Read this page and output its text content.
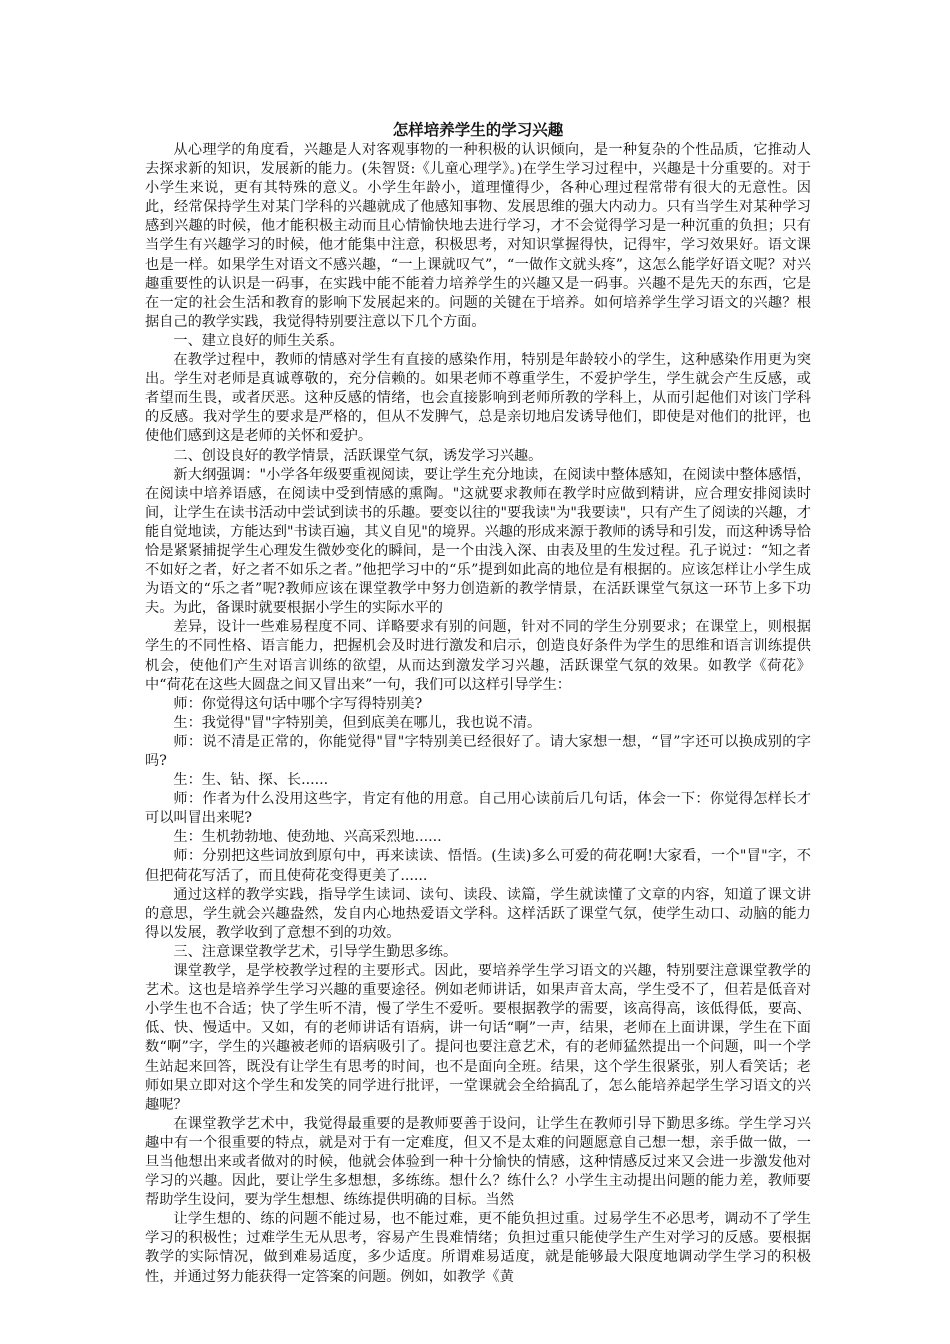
怎样培养学生的学习兴趣

从心理学的角度看，兴趣是人对客观事物的一种积极的认识倾向，是一种复杂的个性品质，它推动人去探求新的知识，发展新的能力。(朱智贤:《儿童心理学》。)在学生学习过程中，兴趣是十分重要的。对于小学生来说，更有其特殊的意义。小学生年龄小，道理懂得少，各种心理过程常带有很大的无意性。因此，经常保持学生对某门学科的兴趣就成了他感知事物、发展思维的强大内动力。只有当学生对某种学习感到兴趣的时候，他才能积极主动而且心情愉快地去进行学习，才不会觉得学习是一种沉重的负担；只有当学生有兴趣学习的时候，他才能集中注意，积极思考，对知识掌握得快，记得牢，学习效果好。语文课也是一样。如果学生对语文不感兴趣，“一上课就叹气”，“一做作文就头疼”，这怎么能学好语文呢？对兴趣重要性的认识是一码事，在实践中能不能着力培养学生的兴趣又是一码事。兴趣不是先天的东西，它是在一定的社会生活和教育的影响下发展起来的。问题的关键在于培养。如何培养学生学习语文的兴趣？根据自己的教学实践，我觉得特别要注意以下几个方面。

一、建立良好的师生关系。

在教学过程中，教师的情感对学生有直接的感染作用，特别是年龄较小的学生，这种感染作用更为突出。学生对老师是真诚尊敬的，充分信赖的。如果老师不尊重学生，不爱护学生，学生就会产生反感，或者望而生畏，或者厌恶。这种反感的情绪，也会直接影响到老师所教的学科上，从而引起他们对该门学科的反感。我对学生的要求是严格的，但从不发脾气，总是亲切地启发诱导他们，即使是对他们的批评，也使他们感到这是老师的关怀和爱护。

二、创设良好的教学情景，活跃课堂气氛，诱发学习兴趣。

新大纲强调："小学各年级要重视阅读，要让学生充分地读，在阅读中整体感知，在阅读中整体感悟，在阅读中培养语感，在阅读中受到情感的熏陶。"这就要求教师在教学时应做到精讲，应合理安排阅读时间，让学生在读书活动中尝试到读书的乐趣。要变以往的"要我读"为"我要读"，只有产生了阅读的兴趣，才能自觉地读，方能达到"书读百遍，其义自见"的境界。兴趣的形成来源于教师的诱导和引发，而这种诱导恰恰是紧紧捕捉学生心理发生微妙变化的瞬间，是一个由浅入深、由表及里的生发过程。孔子说过：“知之者不如好之者，好之者不如乐之者。”他把学习中的“乐”提到如此高的地位是有根据的。应该怎样让小学生成为语文的“乐之者”呢?教师应该在课堂教学中努力创造新的教学情景，在活跃课堂气氛这一环节上多下功夫。为此，备课时就要根据小学生的实际水平的

差异，设计一些难易程度不同、详略要求有别的问题，针对不同的学生分别要求；在课堂上，则根据学生的不同性格、语言能力，把握机会及时进行激发和启示，创造良好条件为学生的思维和语言训练提供机会，使他们产生对语言训练的欲望，从而达到激发学习兴趣，活跃课堂气氛的效果。如教学《荷花》中“荷花在这些大圆盘之间又冒出来”一句，我们可以这样引导学生：

师：你觉得这句话中哪个字写得特别美?

生：我觉得"冒"字特别美，但到底美在哪儿，我也说不清。

师：说不清是正常的，你能觉得"冒"字特别美已经很好了。请大家想一想，“冒”字还可以换成别的字吗?

生：生、钻、探、长......

师：作者为什么没用这些字，肯定有他的用意。自己用心读前后几句话，体会一下：你觉得怎样长才可以叫冒出来呢?

生：生机勃勃地、使劲地、兴高采烈地......

师：分别把这些词放到原句中，再来读读、悟悟。(生读)多么可爱的荷花啊!大家看，一个"冒"字，不但把荷花写活了，而且使荷花变得更美了......

通过这样的教学实践，指导学生读词、读句、读段、读篇，学生就读懂了文章的内容，知道了课文讲的意思，学生就会兴趣盎然，发自内心地热爱语文学科。这样活跃了课堂气氛，使学生动口、动脑的能力得以发展，教学收到了意想不到的功效。

三、注意课堂教学艺术，引导学生勤思多练。

课堂教学，是学校教学过程的主要形式。因此，要培养学生学习语文的兴趣，特别要注意课堂教学的艺术。这也是培养学生学习兴趣的重要途径。例如老师讲话，如果声音太高，学生受不了，但若是低音对小学生也不合适；快了学生听不清，慢了学生不爱听。要根据教学的需要，该高得高，该低得低，要高、低、快、慢适中。又如，有的老师讲话有语病，讲一句话“啊”一声，结果，老师在上面讲课，学生在下面数“啊”字，学生的兴趣被老师的语病吸引了。提问也要注意艺术，有的老师猛然提出一个问题，叫一个学生站起来回答，既没有让学生有思考的时间，也不是面向全班。结果，这个学生很紧张，别人看笑话；老师如果立即对这个学生和发笑的同学进行批评，一堂课就会全给搞乱了，怎么能培养起学生学习语文的兴趣呢？

在课堂教学艺术中，我觉得最重要的是教师要善于设问，让学生在教师引导下勤思多练。学生学习兴趣中有一个很重要的特点，就是对于有一定难度，但又不是太难的问题愿意自己想一想，亲手做一做，一旦当他想出来或者做对的时候，他就会体验到一种十分愉快的情感，这种情感反过来又会进一步激发他对学习的兴趣。因此，要让学生多想想，多练练。想什么？练什么？小学生主动提出问题的能力差，教师要帮助学生设问，要为学生想想、练练提供明确的目标。当然

让学生想的、练的问题不能过易，也不能过难，更不能负担过重。过易学生不必思考，调动不了学生学习的积极性；过难学生无从思考，容易产生畏难情绪；负担过重只能使学生产生对学习的反感。要根据教学的实际情况，做到难易适度，多少适度。所谓难易适度，就是能够最大限度地调动学生学习的积极性，并通过努力能获得一定答案的问题。例如，如教学《黄
